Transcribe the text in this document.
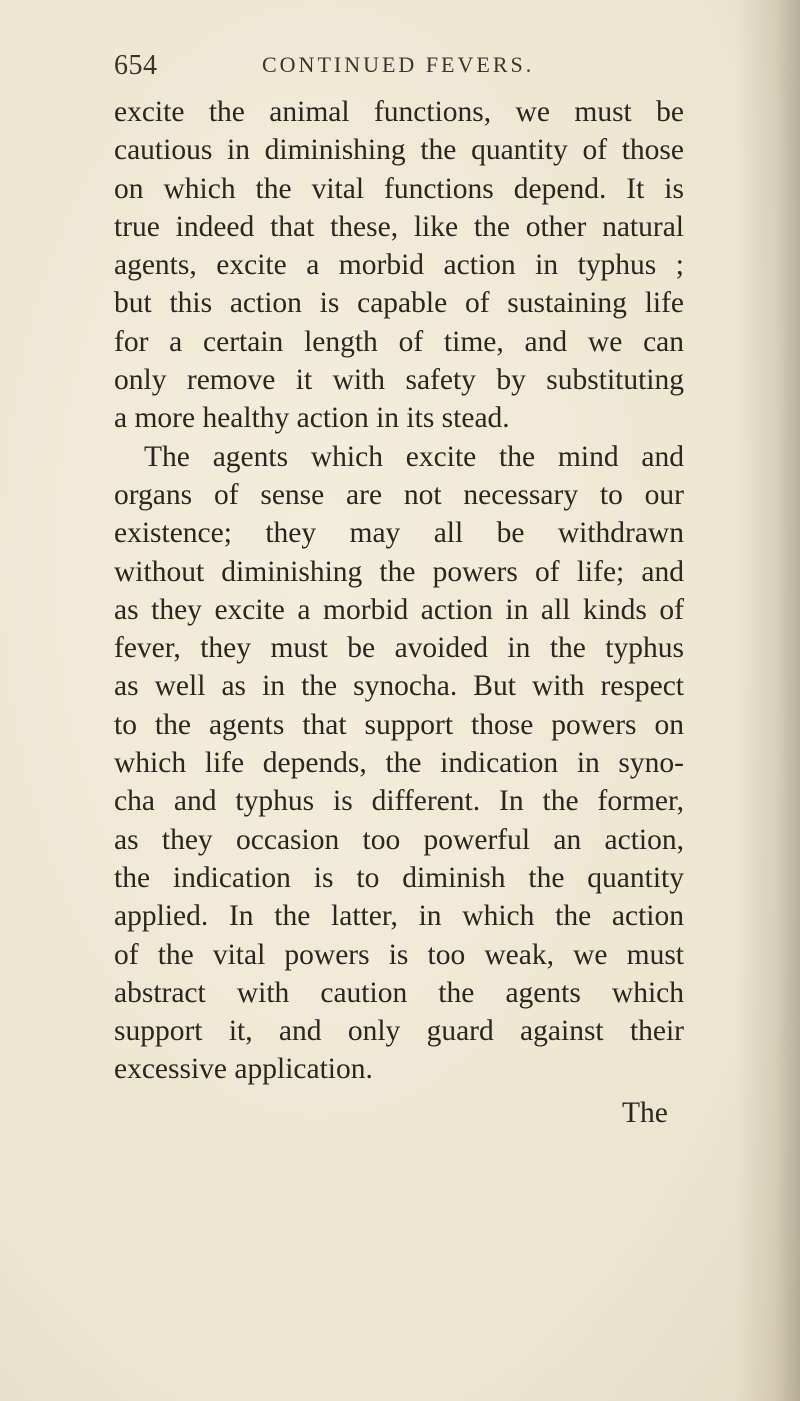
654	CONTINUED FEVERS.
excite the animal functions, we must be
cautious in diminishing the quantity of those
on which the vital functions depend. It is
true indeed that these, like the other natural
agents, excite a morbid action in typhus ;
but this action is capable of sustaining life
for a certain length of time, and we can
only remove it with safety by substituting
a more healthy action in its stead.
The agents which excite the mind and
organs of sense are not necessary to our
existence; they may all be withdrawn
without diminishing the powers of life; and
as they excite a morbid action in all kinds of
fever, they must be avoided in the typhus
as well as in the synocha. But with respect
to the agents that support those powers on
which life depends, the indication in syno-
cha and typhus is different. In the former,
as they occasion too powerful an action,
the indication is to diminish the quantity
applied. In the latter, in which the action
of the vital powers is too weak, we must
abstract with caution the agents which
support it, and only guard against their
excessive application.
The
